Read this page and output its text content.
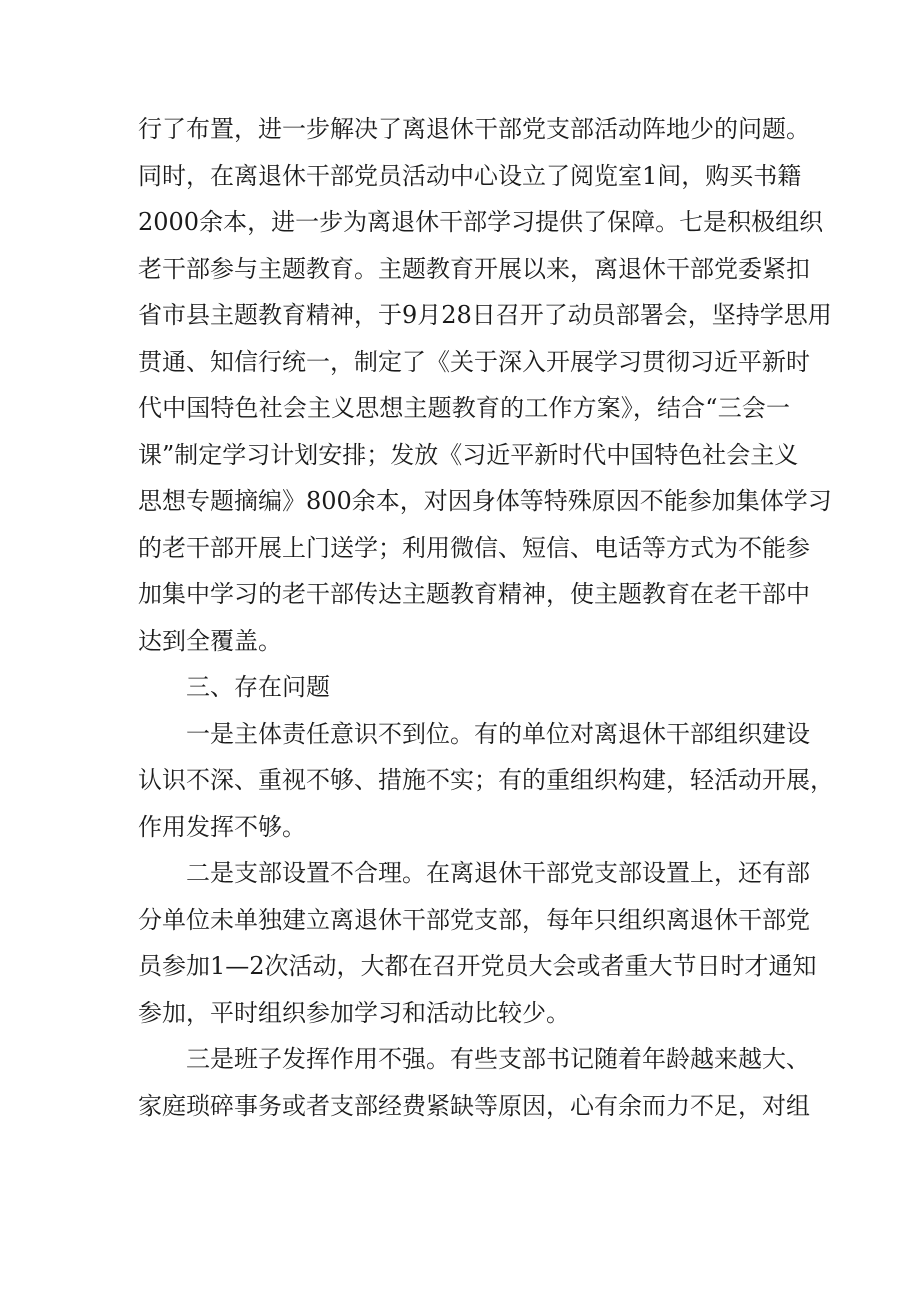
行了布置，进一步解决了离退休干部党支部活动阵地少的问题。
同时，在离退休干部党员活动中心设立了阅览室1间，购买书籍
2000余本，进一步为离退休干部学习提供了保障。七是积极组织
老干部参与主题教育。主题教育开展以来，离退休干部党委紧扣
省市县主题教育精神，于9月28日召开了动员部署会，坚持学思用
贯通、知信行统一，制定了《关于深入开展学习贯彻习近平新时
代中国特色社会主义思想主题教育的工作方案》，结合“三会一
课”制定学习计划安排；发放《习近平新时代中国特色社会主义
思想专题摘编》800余本，对因身体等特殊原因不能参加集体学习
的老干部开展上门送学；利用微信、短信、电话等方式为不能参
加集中学习的老干部传达主题教育精神，使主题教育在老干部中
达到全覆盖。
三、存在问题
一是主体责任意识不到位。有的单位对离退休干部组织建设
认识不深、重视不够、措施不实；有的重组织构建，轻活动开展，
作用发挥不够。
二是支部设置不合理。在离退休干部党支部设置上，还有部
分单位未单独建立离退休干部党支部，每年只组织离退休干部党
员参加1—2次活动，大都在召开党员大会或者重大节日时才通知
参加，平时组织参加学习和活动比较少。
三是班子发挥作用不强。有些支部书记随着年龄越来越大、
家庭琐碎事务或者支部经费紧缺等原因，心有余而力不足，对组
